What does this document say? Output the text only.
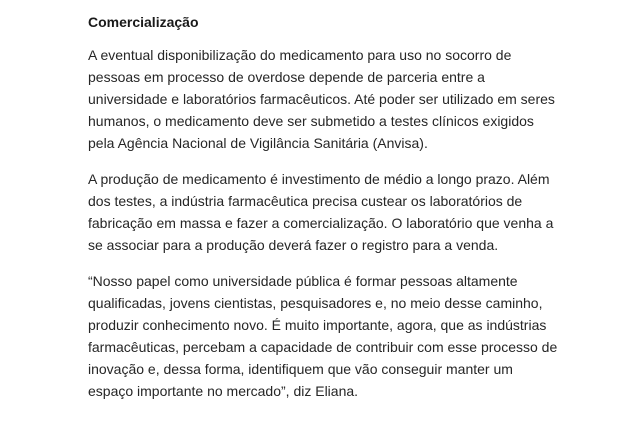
Comercialização

A eventual disponibilização do medicamento para uso no socorro de pessoas em processo de overdose depende de parceria entre a universidade e laboratórios farmacêuticos. Até poder ser utilizado em seres humanos, o medicamento deve ser submetido a testes clínicos exigidos pela Agência Nacional de Vigilância Sanitária (Anvisa).

A produção de medicamento é investimento de médio a longo prazo. Além dos testes, a indústria farmacêutica precisa custear os laboratórios de fabricação em massa e fazer a comercialização. O laboratório que venha a se associar para a produção deverá fazer o registro para a venda.

“Nosso papel como universidade pública é formar pessoas altamente qualificadas, jovens cientistas, pesquisadores e, no meio desse caminho, produzir conhecimento novo. É muito importante, agora, que as indústrias farmacêuticas, percebam a capacidade de contribuir com esse processo de inovação e, dessa forma, identifiquem que vão conseguir manter um espaço importante no mercado”, diz Eliana.
